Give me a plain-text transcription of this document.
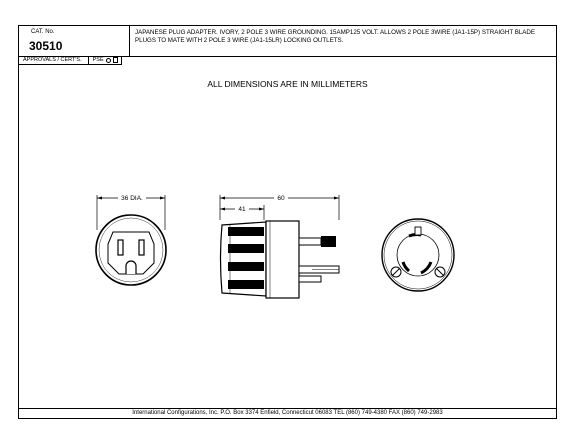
CAT. No.
30510
JAPANESE PLUG ADAPTER. IVORY, 2 POLE 3 WIRE GROUNDING. 15AMP125 VOLT. ALLOWS 2 POLE 3WIRE (JA1-15P) STRAIGHT BLADE PLUGS TO MATE WITH 2 POLE 3 WIRE (JA1-15LR) LOCKING OUTLETS.
APPROVALS / CERT'S.	PSE
ALL DIMENSIONS ARE IN MILLIMETERS
International Configurations, Inc. P.O. Box 3374 Enfield, Connecticut 06083 TEL (860) 749-4380 FAX (860) 749-2983
36 DIA.	60
41
